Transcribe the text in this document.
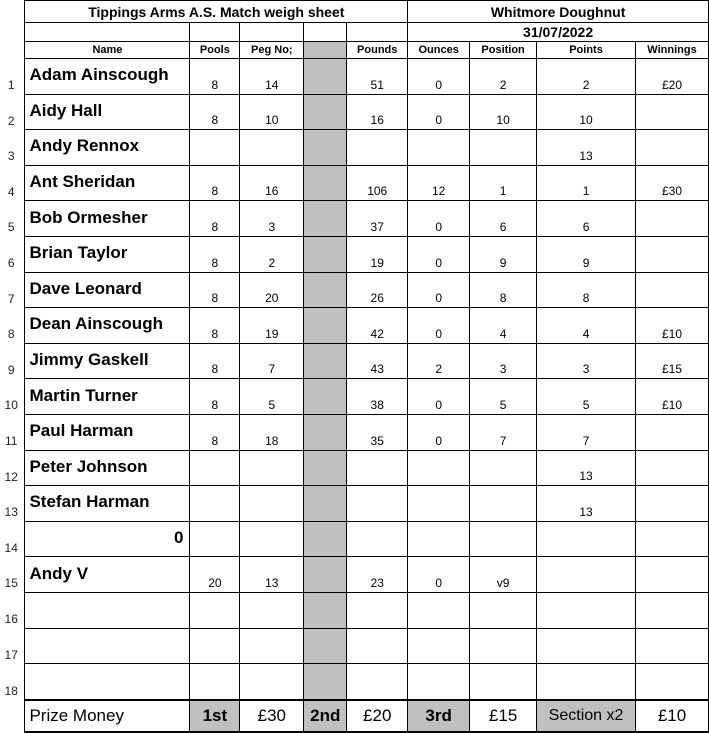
	Tippings Arms A.S. Match weigh sheet					Whitmore Doughnut			
						31/07/2022			
	Name	Pools	Peg No;		Pounds	Ounces	Position	Points	Winnings
1	Adam Ainscough	8	14		51	0	2	2	£20
2	Aidy Hall	8	10		16	0	10	10	
3	Andy Rennox							13	
4	Ant Sheridan	8	16		106	12	1	1	£30
5	Bob Ormesher	8	3		37	0	6	6	
6	Brian Taylor	8	2		19	0	9	9	
7	Dave Leonard	8	20		26	0	8	8	
8	Dean Ainscough	8	19		42	0	4	4	£10
9	Jimmy Gaskell	8	7		43	2	3	3	£15
10	Martin Turner	8	5		38	0	5	5	£10
11	Paul Harman	8	18		35	0	7	7	
12	Peter Johnson							13	
13	Stefan Harman							13	
14	0								
15	Andy V	20	13		23	0	v9		
16									
17									
18									
	Prize Money	1st	£30	2nd	£20	3rd	£15	Section x2	£10
